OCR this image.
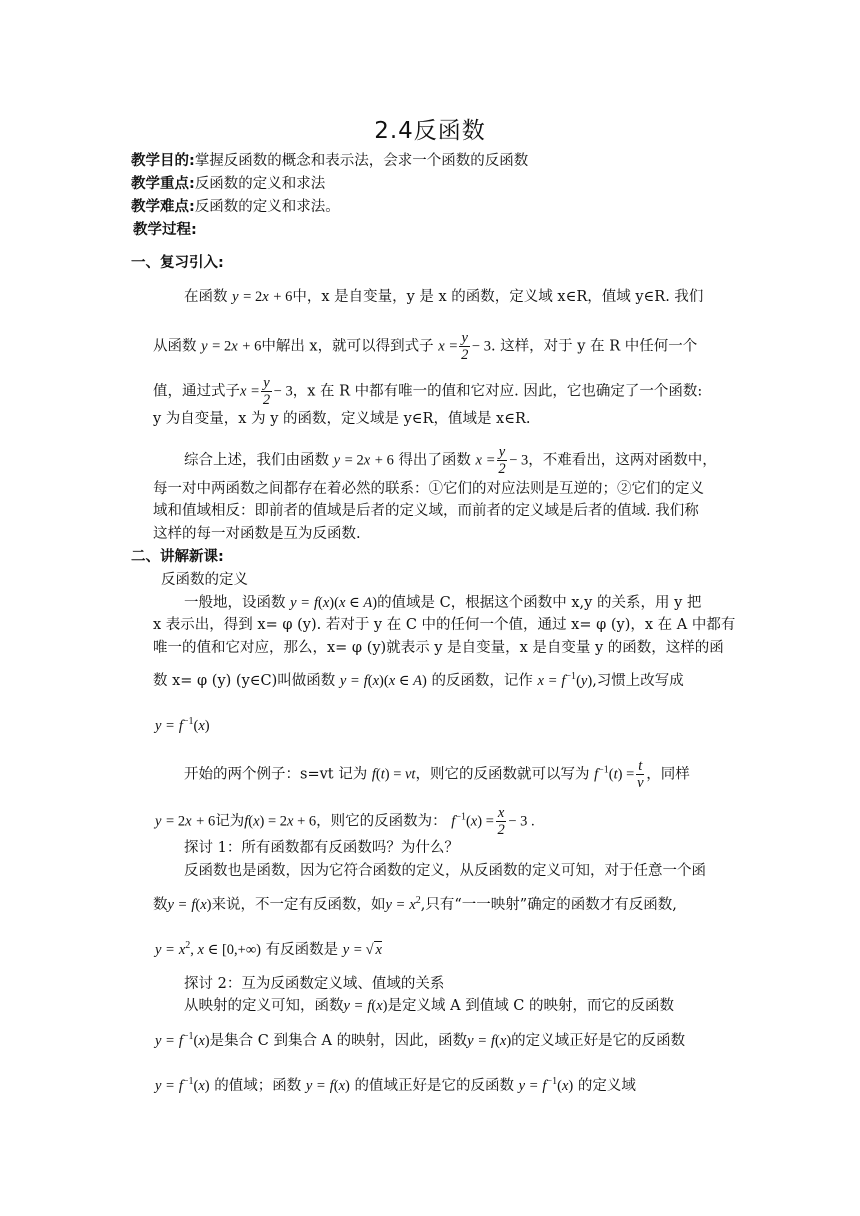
2.4反函数
教学目的:掌握反函数的概念和表示法，会求一个函数的反函数
教学重点:反函数的定义和求法
教学难点:反函数的定义和求法。
教学过程:
一、复习引入:
在函数 y = 2x + 6中，x 是自变量，y 是 x 的函数，定义域 x∈R，值域 y∈R. 我们
从函数 y = 2x + 6中解出 x，就可以得到式子 $x = \frac{y}{2} - 3$. 这样，对于 y 在 R 中任何一个
值，通过式子$x = \frac{y}{2} - 3$，x 在 R 中都有唯一的值和它对应. 因此，它也确定了一个函数:
y 为自变量，x 为 y 的函数，定义域是 y∈R，值域是 x∈R.
综合上述，我们由函数 y = 2x + 6 得出了函数 $x = \frac{y}{2} - 3$，不难看出，这两对函数中，
每一对中两函数之间都存在着必然的联系：①它们的对应法则是互逆的；②它们的定义
域和值域相反：即前者的值域是后者的定义域，而前者的定义域是后者的值域. 我们称
这样的每一对函数是互为反函数.
二、讲解新课:
反函数的定义
一般地，设函数 y = f(x)(x ∈ A)的值域是 C，根据这个函数中 x,y 的关系，用 y 把
x 表示出，得到 x= φ (y). 若对于 y 在 C 中的任何一个值，通过 x= φ (y)，x 在 A 中都有
唯一的值和它对应，那么，x= φ (y)就表示 y 是自变量，x 是自变量 y 的函数，这样的函
数 x= φ (y) (y∈C)叫做函数 y = f(x)(x ∈ A) 的反函数，记作 $x = f^{-1}(y)$,习惯上改写成
$y = f^{-1}(x)$
开始的两个例子：s=vt 记为 f(t) = vt，则它的反函数就可以写为 $f^{-1}(t) = \frac{t}{v}$ ，同样
y = 2x + 6记为f(x) = 2x + 6，则它的反函数为： $f^{-1}(x) = \frac{x}{2} - 3$ .
探讨 1：所有函数都有反函数吗？为什么？
反函数也是函数，因为它符合函数的定义，从反函数的定义可知，对于任意一个函
数y = f(x)来说，不一定有反函数，如$y = x^2$,只有“一一映射”确定的函数才有反函数,
$y = x^2$, x ∈ [0,+∞) 有反函数是 y = √ x
探讨 2：互为反函数定义域、值域的关系
从映射的定义可知，函数y = f(x)是定义域 A 到值域 C 的映射，而它的反函数
$y = f^{-1}(x)$是集合 C 到集合 A 的映射，因此，函数y = f(x)的定义域正好是它的反函数
$y = f^{-1}(x)$ 的值域；函数 y = f(x) 的值域正好是它的反函数 $y = f^{-1}(x)$ 的定义域
